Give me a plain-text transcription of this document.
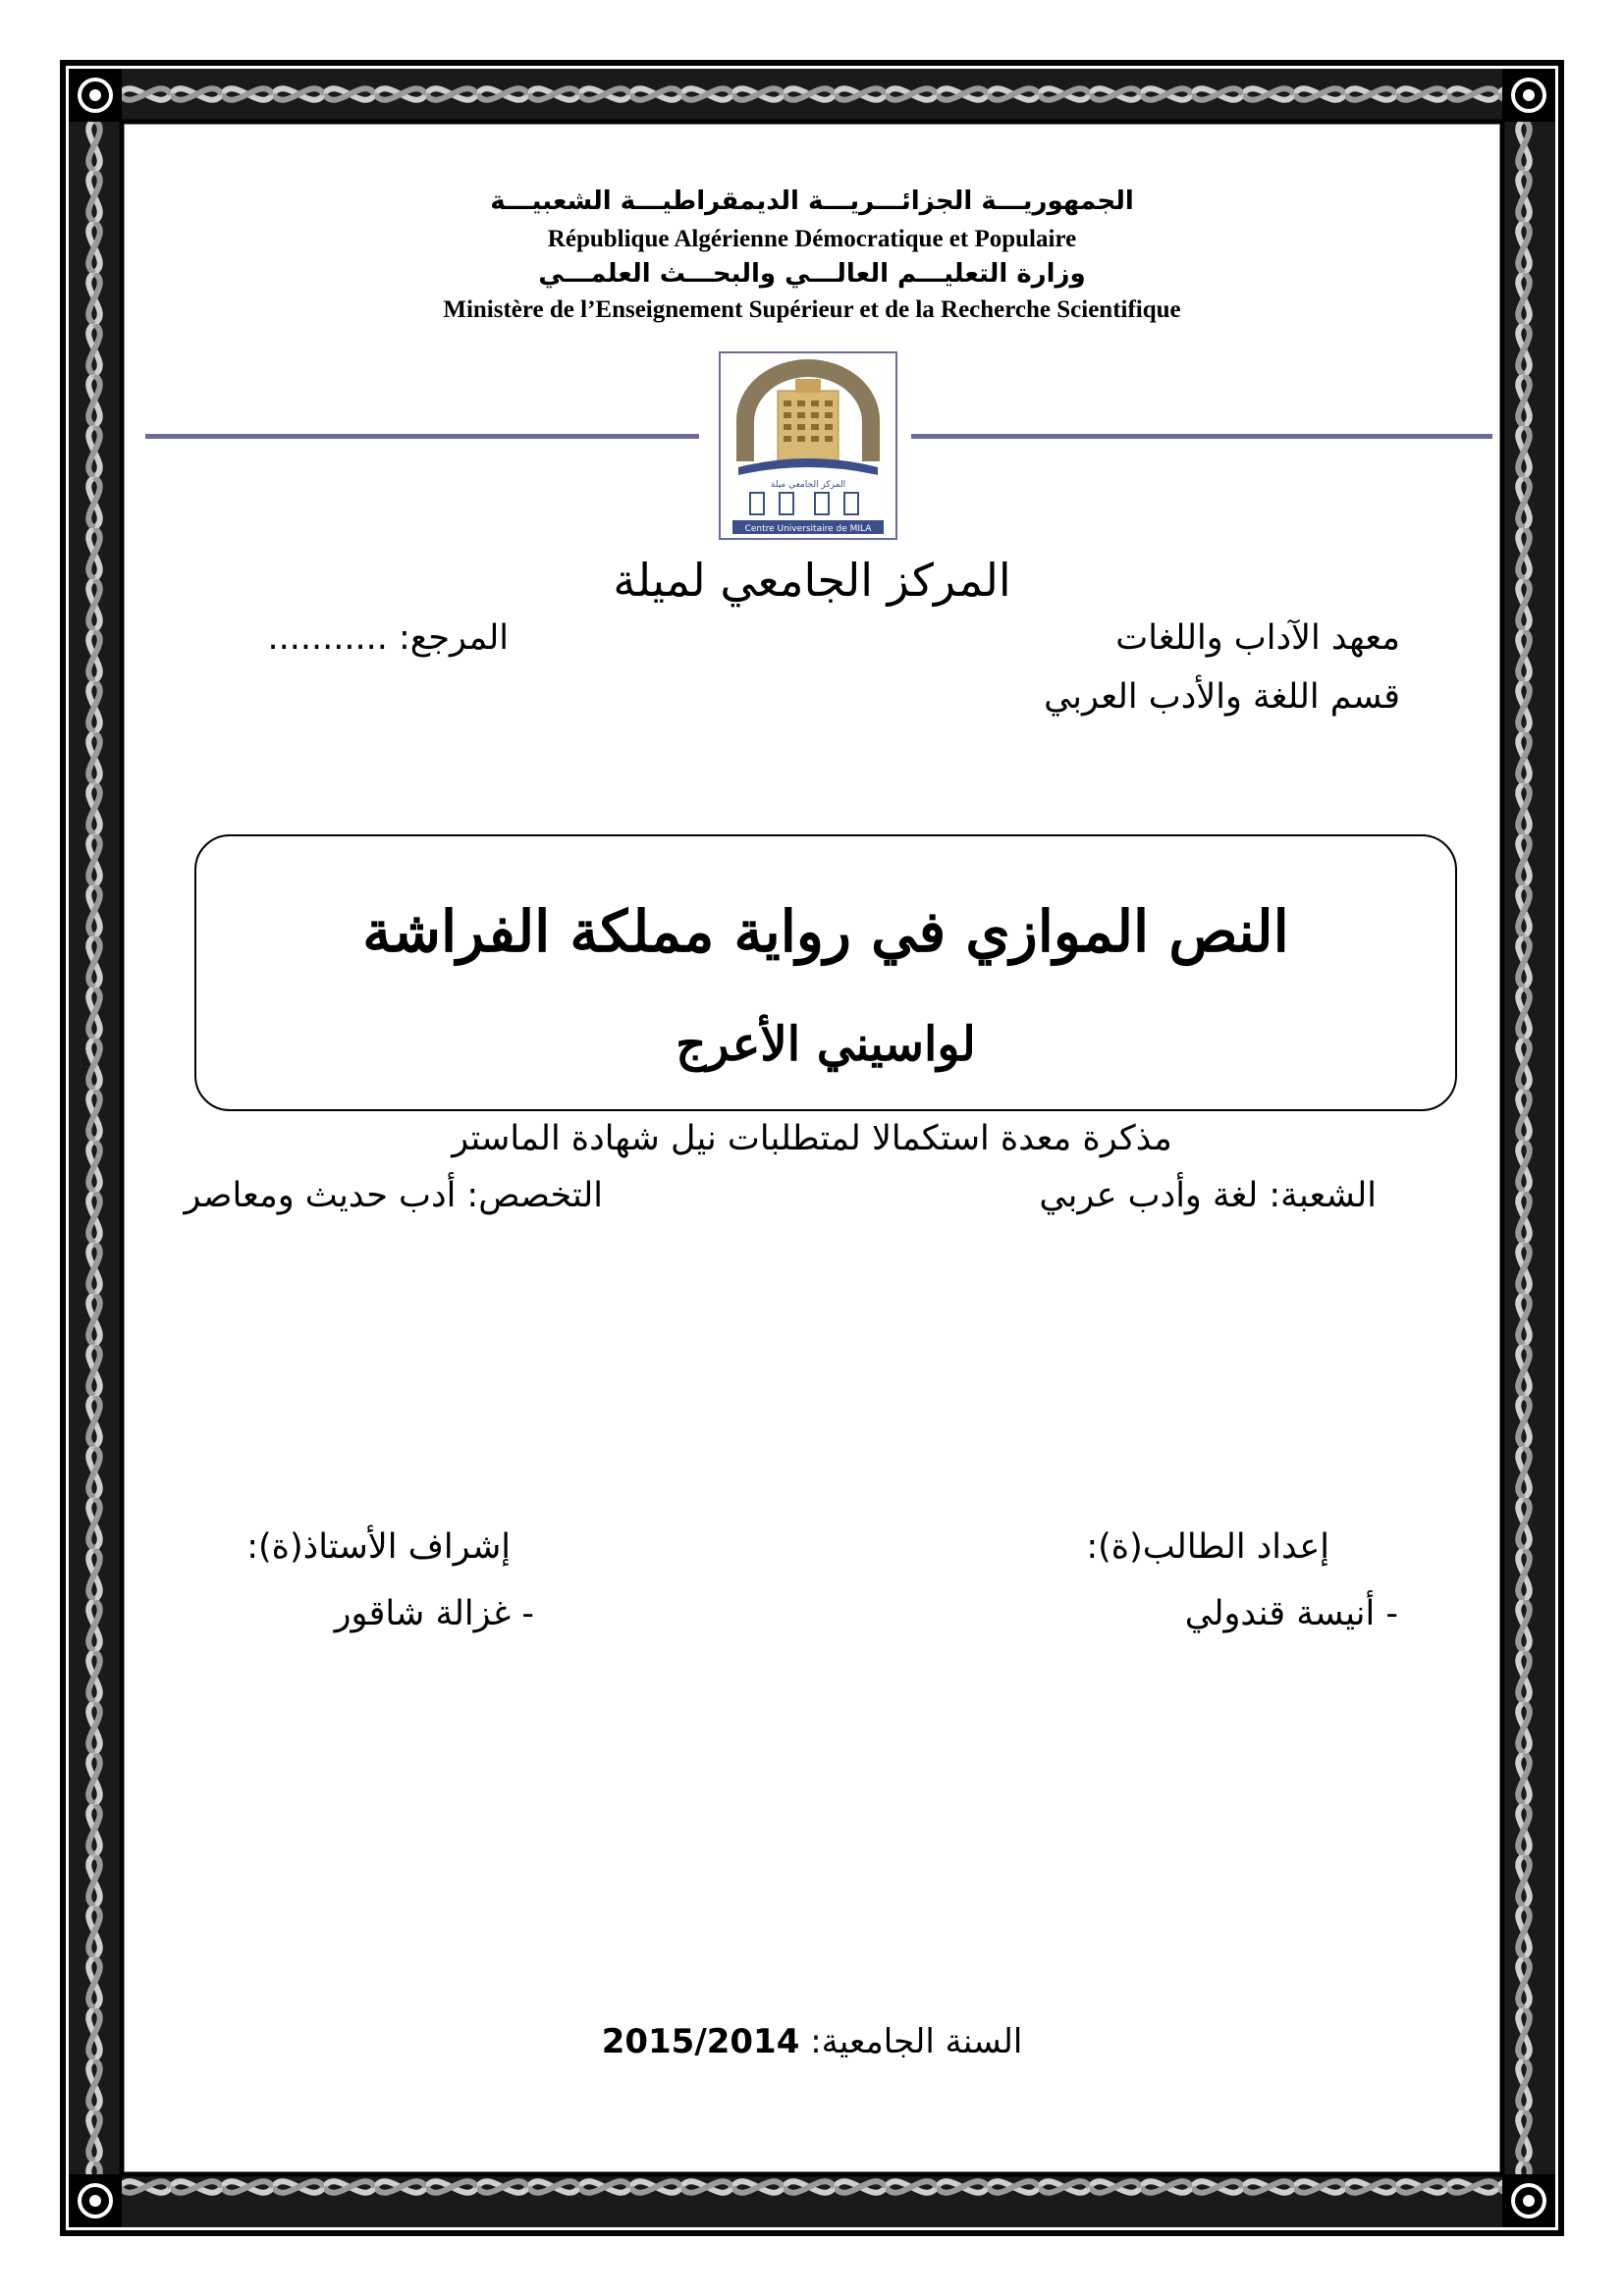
الجمهوريـــة الجزائـــريـــة الديمقراطيـــة الشعبيـــة
République Algérienne Démocratique et Populaire
وزارة التعليـــم العالـــي والبحـــث العلمـــي
Ministère de l’Enseignement Supérieur et de la Recherche Scientifique
المركز الجامعي ميلة
Centre Universitaire de MILA
المركز الجامعي لميلة
معهد الآداب واللغات
قسم اللغة والأدب العربي
المرجع: ...........
النص الموازي في رواية مملكة الفراشة
لواسيني الأعرج
مذكرة معدة استكمالا لمتطلبات نيل شهادة الماستر
الشعبة: لغة وأدب عربي
التخصص: أدب حديث ومعاصر
إعداد الطالب(ة):
- أنيسة قندولي
إشراف الأستاذ(ة):
- غزالة شاقور
السنة الجامعية: 2015/2014
